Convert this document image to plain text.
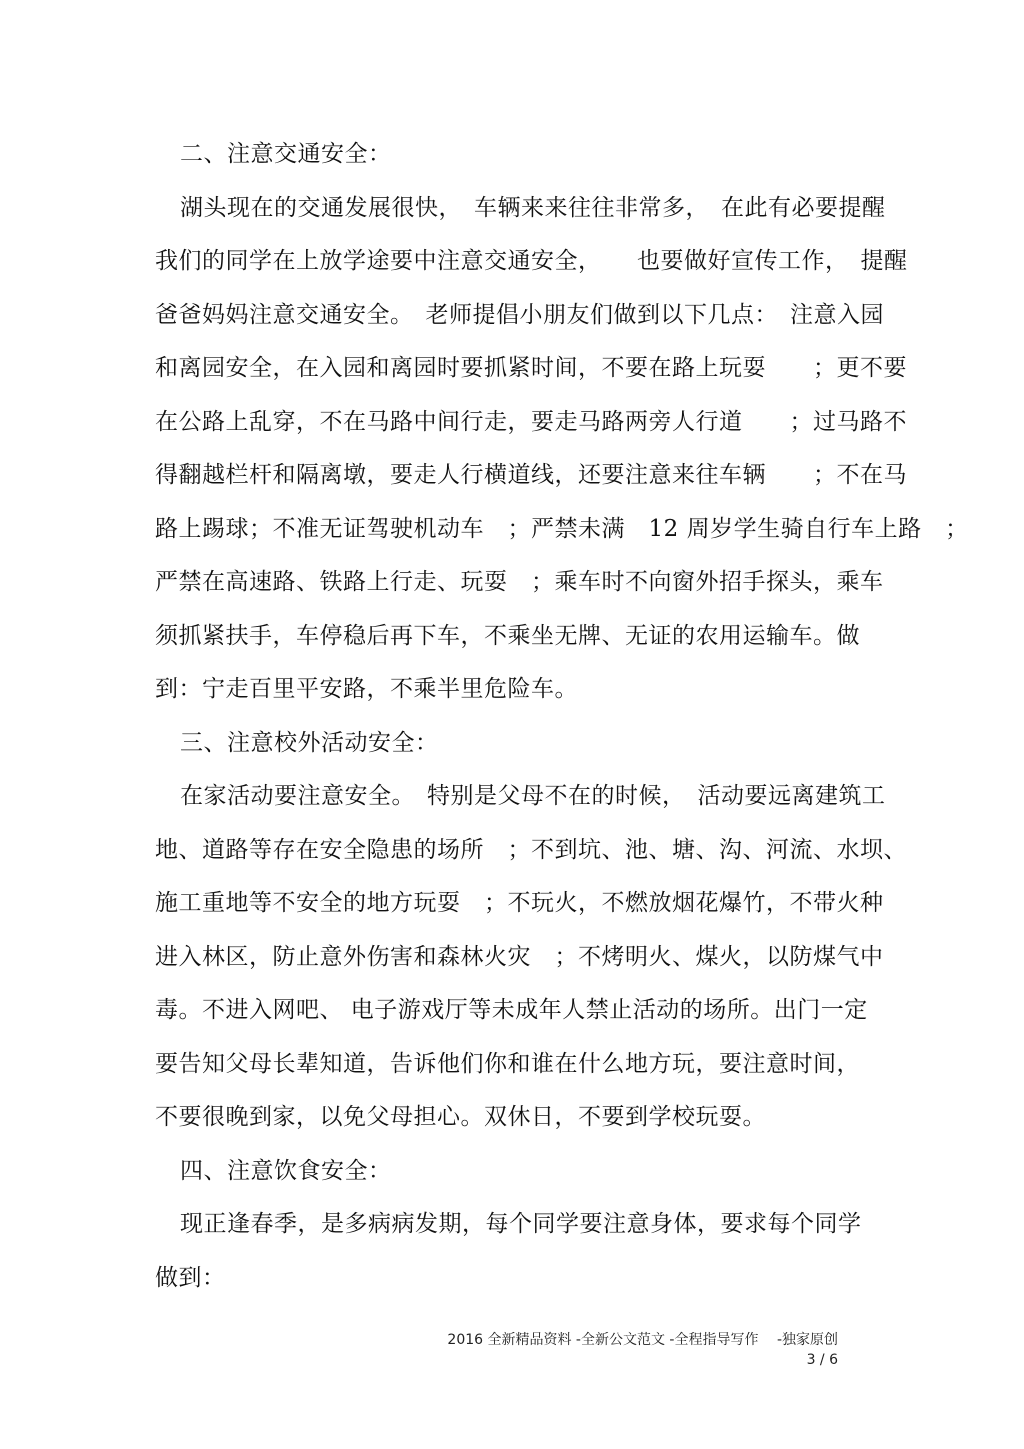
二、注意交通安全：
湖头现在的交通发展很快，　车辆来来往往非常多，　在此有必要提醒
我们的同学在上放学途要中注意交通安全，　　也要做好宣传工作，　提醒
爸爸妈妈注意交通安全。　老师提倡小朋友们做到以下几点：　注意入园
和离园安全，在入园和离园时要抓紧时间，不要在路上玩耍　　；更不要
在公路上乱穿，不在马路中间行走，要走马路两旁人行道　　；过马路不
得翻越栏杆和隔离墩，要走人行横道线，还要注意来往车辆　　；不在马
路上踢球；不准无证驾驶机动车　；严禁未满　12 周岁学生骑自行车上路　；
严禁在高速路、铁路上行走、玩耍　；乘车时不向窗外招手探头，乘车
须抓紧扶手，车停稳后再下车，不乘坐无牌、无证的农用运输车。做
到：宁走百里平安路，不乘半里危险车。
三、注意校外活动安全：
在家活动要注意安全。　特别是父母不在的时候，　活动要远离建筑工
地、道路等存在安全隐患的场所　；不到坑、池、塘、沟、河流、水坝、
施工重地等不安全的地方玩耍　；不玩火，不燃放烟花爆竹，不带火种
进入林区，防止意外伤害和森林火灾　；不烤明火、煤火，以防煤气中
毒。不进入网吧、 电子游戏厅等未成年人禁止活动的场所。出门一定
要告知父母长辈知道，告诉他们你和谁在什么地方玩，要注意时间，
不要很晚到家，以免父母担心。双休日，不要到学校玩耍。
四、注意饮食安全：
现正逢春季，是多病病发期，每个同学要注意身体，要求每个同学
做到：
2016 全新精品资料 -全新公文范文 -全程指导写作　 -独家原创
3 / 6
